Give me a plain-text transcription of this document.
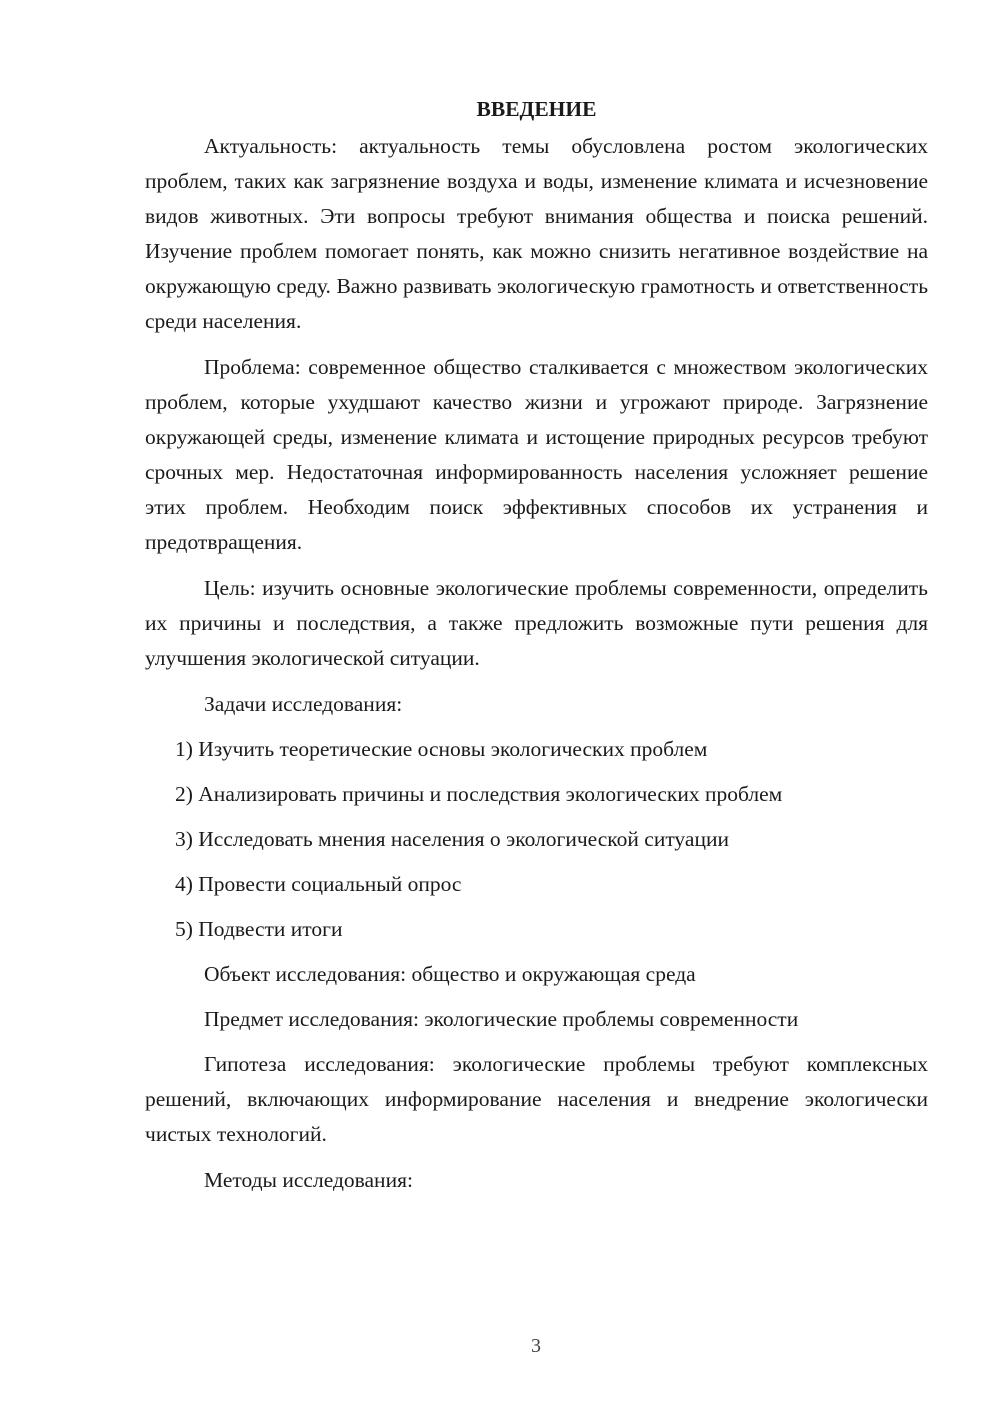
ВВЕДЕНИЕ

Актуальность: актуальность темы обусловлена ростом экологических проблем, таких как загрязнение воздуха и воды, изменение климата и исчезновение видов животных. Эти вопросы требуют внимания общества и поиска решений. Изучение проблем помогает понять, как можно снизить негативное воздействие на окружающую среду. Важно развивать экологическую грамотность и ответственность среди населения.

Проблема: современное общество сталкивается с множеством экологических проблем, которые ухудшают качество жизни и угрожают природе. Загрязнение окружающей среды, изменение климата и истощение природных ресурсов требуют срочных мер. Недостаточная информированность населения усложняет решение этих проблем. Необходим поиск эффективных способов их устранения и предотвращения.

Цель: изучить основные экологические проблемы современности, определить их причины и последствия, а также предложить возможные пути решения для улучшения экологической ситуации.

Задачи исследования:

1) Изучить теоретические основы экологических проблем
2) Анализировать причины и последствия экологических проблем
3) Исследовать мнения населения о экологической ситуации
4) Провести социальный опрос
5) Подвести итоги

Объект исследования: общество и окружающая среда

Предмет исследования: экологические проблемы современности

Гипотеза исследования: экологические проблемы требуют комплексных решений, включающих информирование населения и внедрение экологически чистых технологий.

Методы исследования:

3
